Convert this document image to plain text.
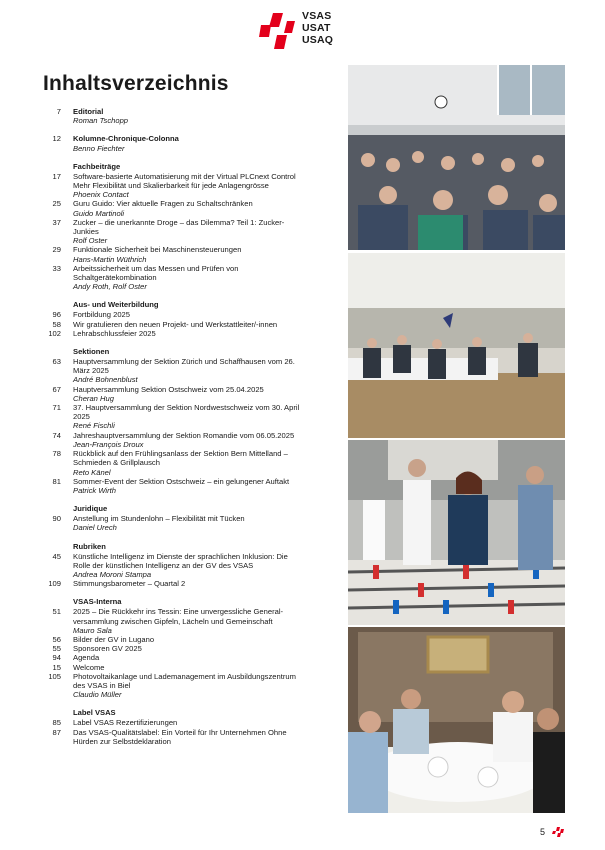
VSAS
USAT
USAQ
Inhaltsverzeichnis
7 Editorial
Roman Tschopp
12 Kolumne-Chronique-Colonna
Benno Fiechter
Fachbeiträge
17 Software-basierte Automatisierung mit der Virtual PLCnext Control Mehr Flexibilität und Skalierbarkeit für jede Anlagengrösse
Phoenix Contact
25 Guru Guido: Vier aktuelle Fragen zu Schaltschränken
Guido Martinoli
37 Zucker – die unerkannte Droge – das Dilemma? Teil 1: Zucker-Junkies
Rolf Oster
29 Funktionale Sicherheit bei Maschinensteuerungen
Hans-Martin Wüthrich
33 Arbeitssicherheit um das Messen und Prüfen von Schaltgerätekombination
Andy Roth, Rolf Oster
Aus- und Weiterbildung
96 Fortbildung 2025
58 Wir gratulieren den neuen Projekt- und Werkstattleiter/-innen
102 Lehrabschlussfeier 2025
Sektionen
63 Hauptversammlung der Sektion Zürich und Schaffhausen vom 26. März 2025
André Bohnenblust
67 Hauptversammlung Sektion Ostschweiz vom 25.04.2025
Cheran Hug
71 37. Hauptversammlung der Sektion Nordwestschweiz vom 30. April 2025
René Fischli
74 Jahreshauptversammlung der Sektion Romandie vom 06.05.2025
Jean-François Droux
78 Rückblick auf den Frühlingsanlass der Sektion Bern Mittelland – Schmieden & Grillplausch
Reto Känel
81 Sommer-Event der Sektion Ostschweiz – ein gelungener Auftakt
Patrick Wirth
Juridique
90 Anstellung im Stundenlohn – Flexibilität mit Tücken
Daniel Urech
Rubriken
45 Künstliche Intelligenz im Dienste der sprachlichen Inklusion: Die Rolle der künstlichen Intelligenz an der GV des VSAS
Andrea Moroni Stampa
109 Stimmungsbarometer – Quartal 2
VSAS-Interna
51 2025 – Die Rückkehr ins Tessin: Eine unvergessliche General-versammlung zwischen Gipfeln, Lächeln und Gemeinschaft
Mauro Sala
56 Bilder der GV in Lugano
55 Sponsoren GV 2025
94 Agenda
15 Welcome
105 Photovoltaikanlage und Lademanagement im Ausbildungszentrum des VSAS in Biel
Claudio Müller
Label VSAS
85 Label VSAS Rezertifizierungen
87 Das VSAS-Qualitätslabel: Ein Vorteil für Ihr Unternehmen Ohne Hürden zur Selbstdeklaration
5
